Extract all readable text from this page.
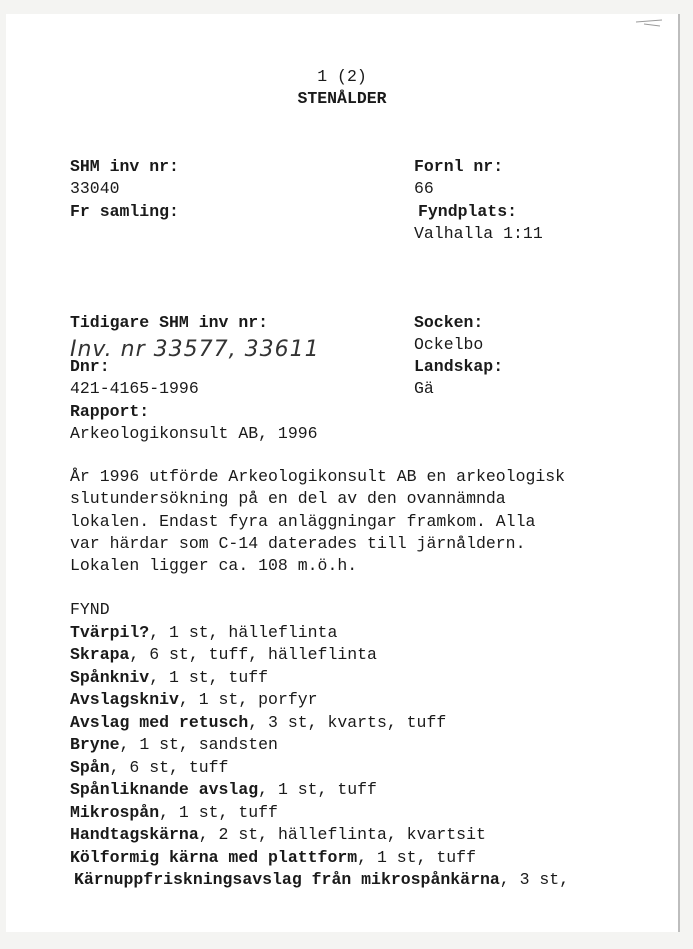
1 (2)
STENÅLDER
SHM inv nr:
33040
Fr samling:
Fornl nr:
66
Fyndplats:
Valhalla 1:11
Tidigare SHM inv nr:
Inv. nr 33577, 33611
Dnr:
421-4165-1996
Rapport:
Arkeologikonsult AB, 1996
Socken:
Ockelbo
Landskap:
Gä
År 1996 utförde Arkeologikonsult AB en arkeologisk
slutundersökning på en del av den ovannämnda
lokalen. Endast fyra anläggningar framkom. Alla
var härdar som C-14 daterades till järnåldern.
Lokalen ligger ca. 108 m.ö.h.
FYND
Tvärpil?, 1 st, hälleflinta
Skrapa, 6 st, tuff, hälleflinta
Spånkniv, 1 st, tuff
Avslagskniv, 1 st, porfyr
Avslag med retusch, 3 st, kvarts, tuff
Bryne, 1 st, sandsten
Spån, 6 st, tuff
Spånliknande avslag, 1 st, tuff
Mikrospån, 1 st, tuff
Handtagskärna, 2 st, hälleflinta, kvartsit
Kölformig kärna med plattform, 1 st, tuff
Kärnuppfriskningsavslag från mikrospånkärna, 3 st,
